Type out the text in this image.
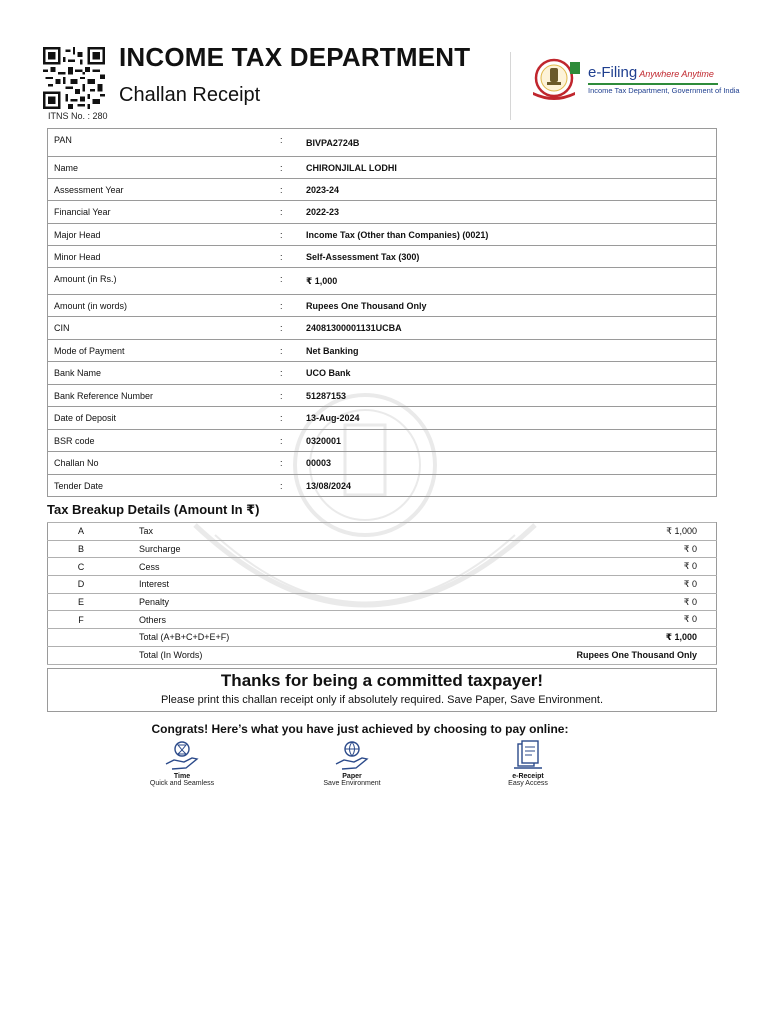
INCOME TAX DEPARTMENT
Challan Receipt
ITNS No. : 280
e-Filing Anywhere Anytime
Income Tax Department, Government of India
PAN	:	BIVPA2724B
Name	:	CHIRONJILAL LODHI
Assessment Year	:	2023-24
Financial Year	:	2022-23
Major Head	:	Income Tax (Other than Companies) (0021)
Minor Head	:	Self-Assessment Tax (300)
Amount (in Rs.)	:	₹ 1,000
Amount (in words)	:	Rupees One Thousand Only
CIN	:	24081300001131UCBA
Mode of Payment	:	Net Banking
Bank Name	:	UCO Bank
Bank Reference Number	:	51287153
Date of Deposit	:	13-Aug-2024
BSR code	:	0320001
Challan No	:	00003
Tender Date	:	13/08/2024
Tax Breakup Details (Amount In ₹)
A	Tax	₹ 1,000
B	Surcharge	₹ 0
C	Cess	₹ 0
D	Interest	₹ 0
E	Penalty	₹ 0
F	Others	₹ 0
	Total (A+B+C+D+E+F)	₹ 1,000
	Total (In Words)	Rupees One Thousand Only
Thanks for being a committed taxpayer!
Please print this challan receipt only if absolutely required. Save Paper, Save Environment.
Congrats! Here’s what you have just achieved by choosing to pay online:
Time
Quick and Seamless
Paper
Save Environment
e-Receipt
Easy Access
